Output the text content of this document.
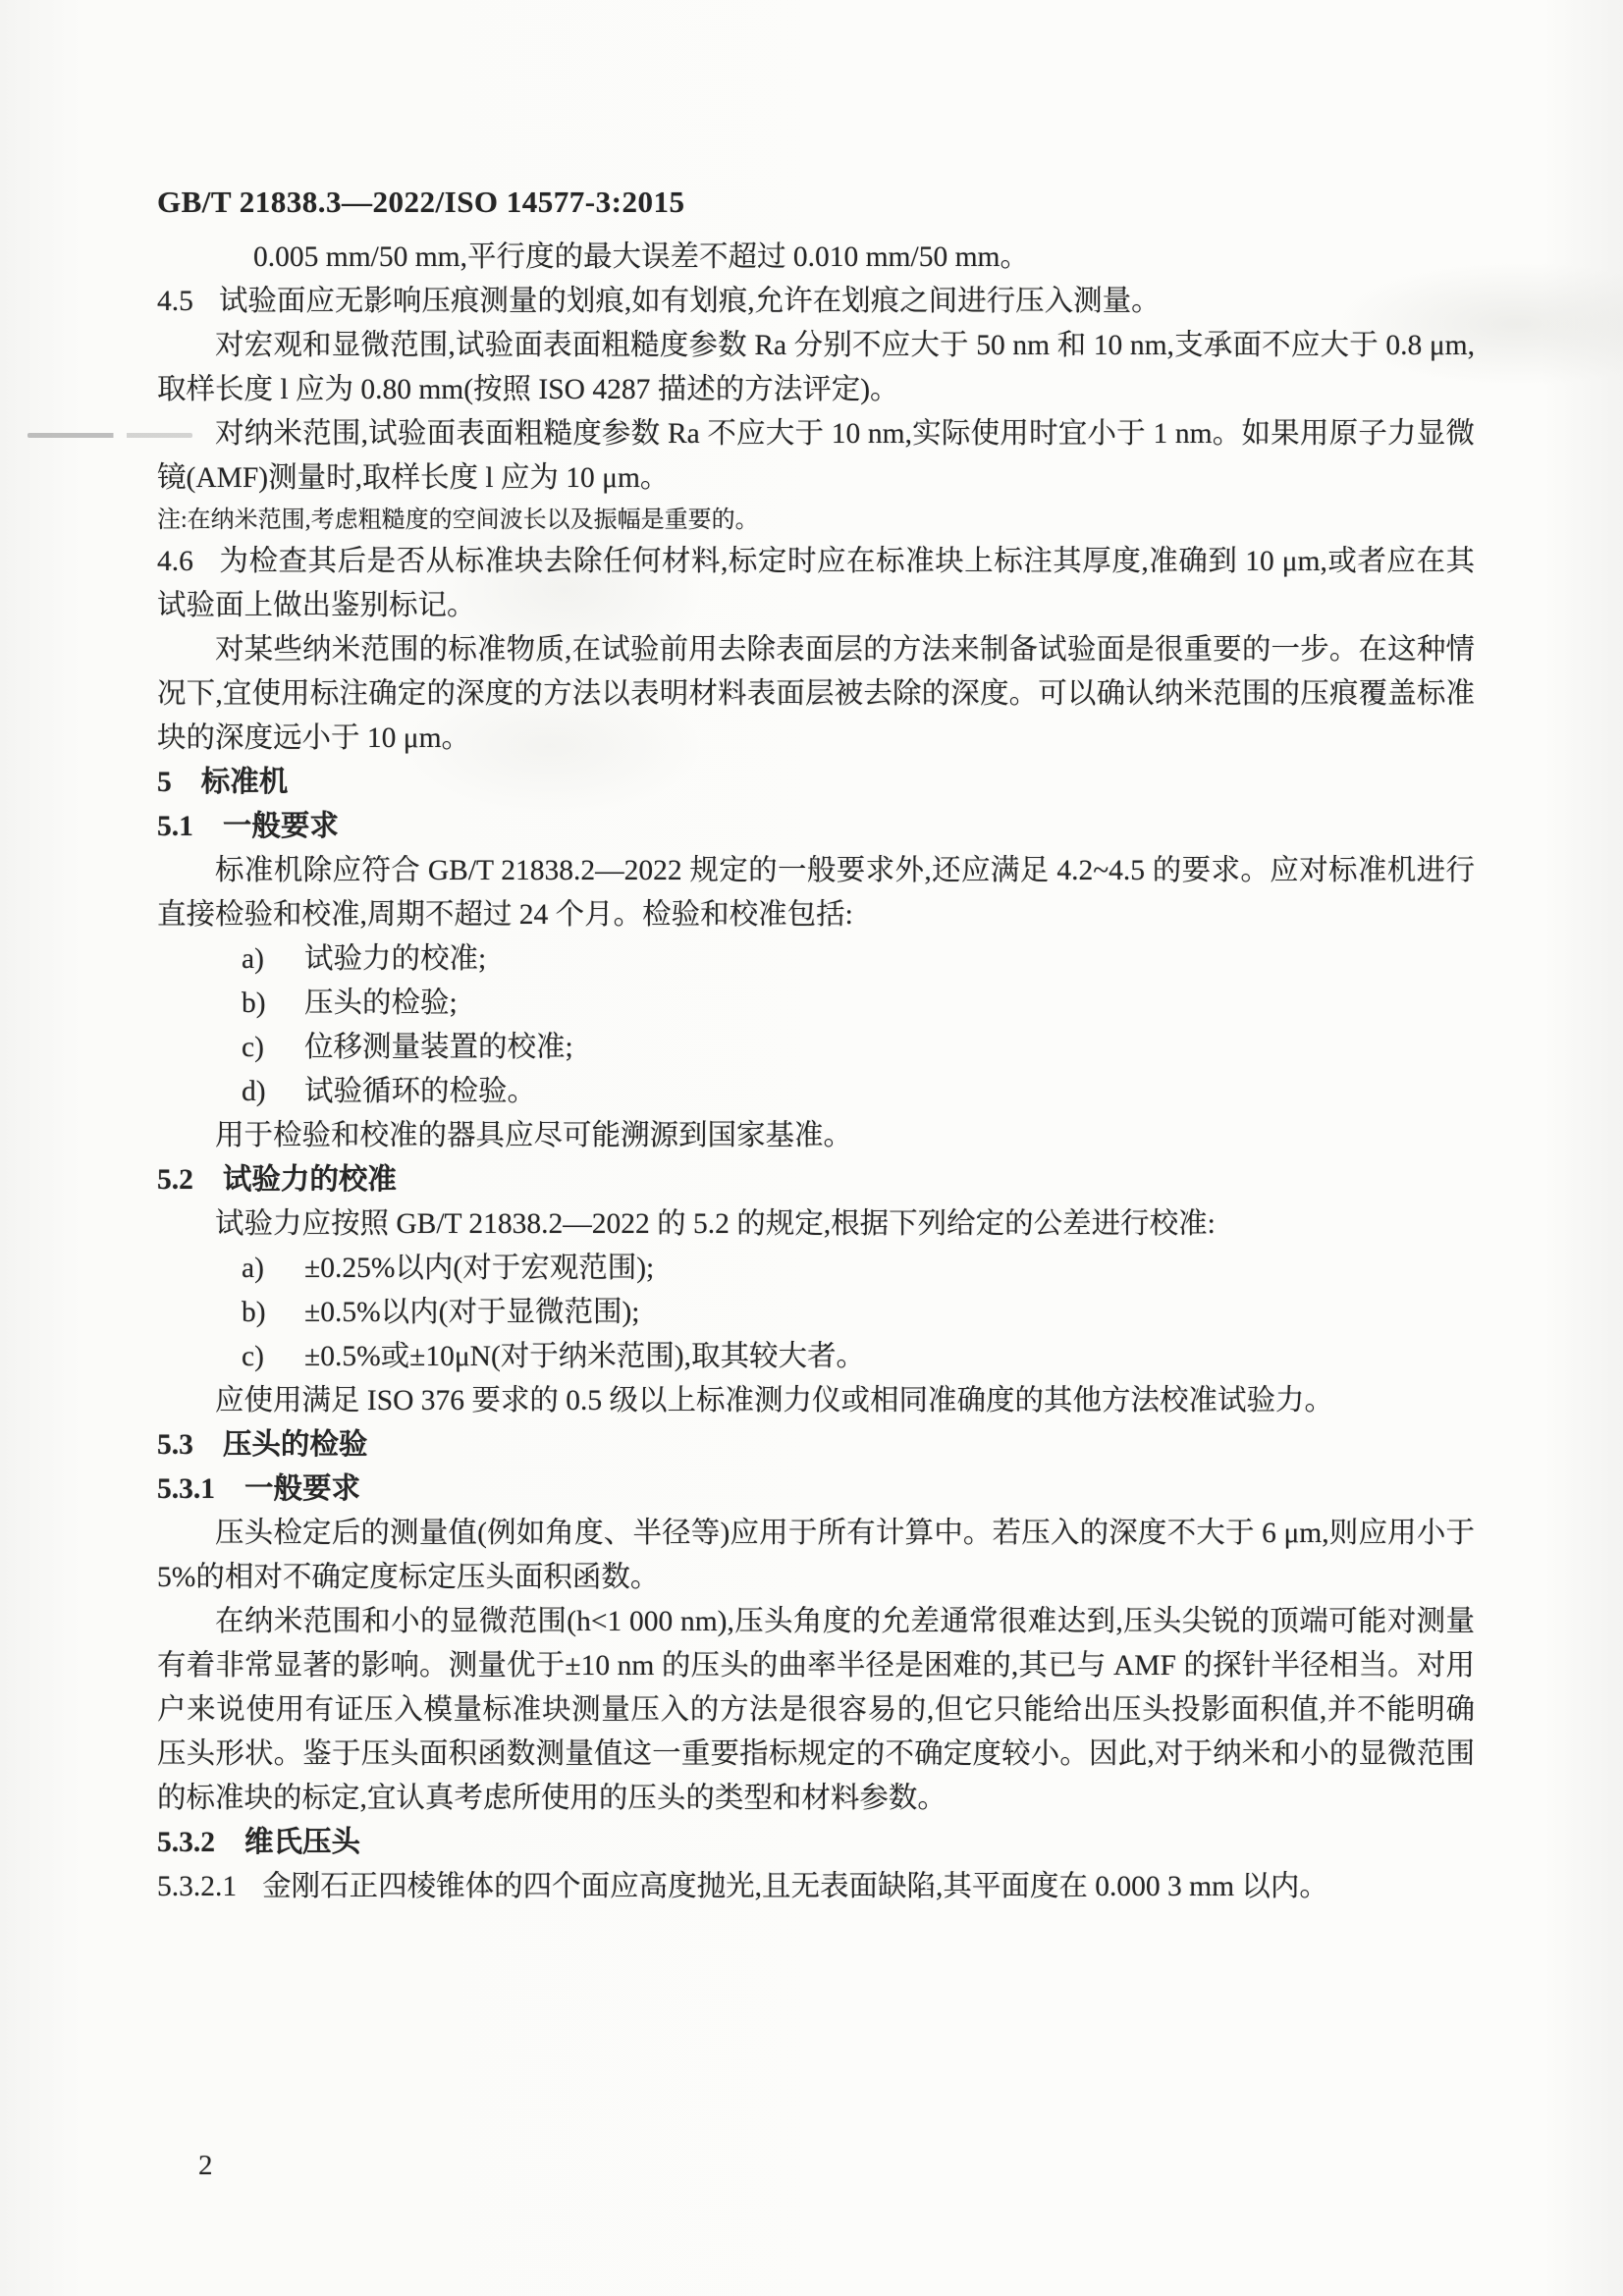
GB/T 21838.3—2022/ISO 14577-3:2015

0.005 mm/50 mm,平行度的最大误差不超过 0.010 mm/50 mm。

4.5 试验面应无影响压痕测量的划痕,如有划痕,允许在划痕之间进行压入测量。

对宏观和显微范围,试验面表面粗糙度参数 Ra 分别不应大于 50 nm 和 10 nm,支承面不应大于 0.8 μm,取样长度 l 应为 0.80 mm(按照 ISO 4287 描述的方法评定)。

对纳米范围,试验面表面粗糙度参数 Ra 不应大于 10 nm,实际使用时宜小于 1 nm。如果用原子力显微镜(AMF)测量时,取样长度 l 应为 10 μm。

注:在纳米范围,考虑粗糙度的空间波长以及振幅是重要的。

4.6 为检查其后是否从标准块去除任何材料,标定时应在标准块上标注其厚度,准确到 10 μm,或者应在其试验面上做出鉴别标记。

对某些纳米范围的标准物质,在试验前用去除表面层的方法来制备试验面是很重要的一步。在这种情况下,宜使用标注确定的深度的方法以表明材料表面层被去除的深度。可以确认纳米范围的压痕覆盖标准块的深度远小于 10 μm。

5 标准机

5.1 一般要求

标准机除应符合 GB/T 21838.2—2022 规定的一般要求外,还应满足 4.2~4.5 的要求。应对标准机进行直接检验和校准,周期不超过 24 个月。检验和校准包括:

a) 试验力的校准;

b) 压头的检验;

c) 位移测量装置的校准;

d) 试验循环的检验。

用于检验和校准的器具应尽可能溯源到国家基准。

5.2 试验力的校准

试验力应按照 GB/T 21838.2—2022 的 5.2 的规定,根据下列给定的公差进行校准:

a) ±0.25%以内(对于宏观范围);

b) ±0.5%以内(对于显微范围);

c) ±0.5%或±10μN(对于纳米范围),取其较大者。

应使用满足 ISO 376 要求的 0.5 级以上标准测力仪或相同准确度的其他方法校准试验力。

5.3 压头的检验

5.3.1 一般要求

压头检定后的测量值(例如角度、半径等)应用于所有计算中。若压入的深度不大于 6 μm,则应用小于 5%的相对不确定度标定压头面积函数。

在纳米范围和小的显微范围(h<1 000 nm),压头角度的允差通常很难达到,压头尖锐的顶端可能对测量有着非常显著的影响。测量优于±10 nm 的压头的曲率半径是困难的,其已与 AMF 的探针半径相当。对用户来说使用有证压入模量标准块测量压入的方法是很容易的,但它只能给出压头投影面积值,并不能明确压头形状。鉴于压头面积函数测量值这一重要指标规定的不确定度较小。因此,对于纳米和小的显微范围的标准块的标定,宜认真考虑所使用的压头的类型和材料参数。

5.3.2 维氏压头

5.3.2.1 金刚石正四棱锥体的四个面应高度抛光,且无表面缺陷,其平面度在 0.000 3 mm 以内。

2
